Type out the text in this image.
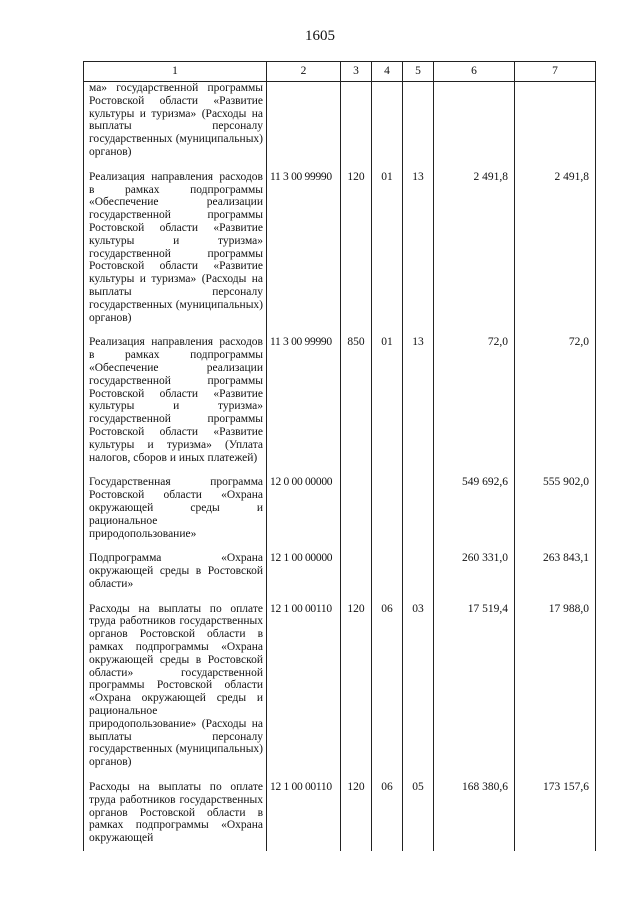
1605
1	2	3	4	5	6	7
ма» государственной программы Ростовской области «Развитие культуры и туризма» (Расходы на выплаты персоналу государственных (муниципальных) органов)						
Реализация направления расходов в рамках подпрограммы «Обеспечение реализации государственной программы Ростовской области «Развитие культуры и туризма» государственной программы Ростовской области «Развитие культуры и туризма» (Расходы на выплаты персоналу государственных (муниципальных) органов)	11 3 00 99990	120	01	13	2 491,8	2 491,8
Реализация направления расходов в рамках подпрограммы «Обеспечение реализации государственной программы Ростовской области «Развитие культуры и туризма» государственной программы Ростовской области «Развитие культуры и туризма» (Уплата налогов, сборов и иных платежей)	11 3 00 99990	850	01	13	72,0	72,0
Государственная программа Ростовской области «Охрана окружающей среды и рациональное природопользование»	12 0 00 00000				549 692,6	555 902,0
Подпрограмма «Охрана окружающей среды в Ростовской области»	12 1 00 00000				260 331,0	263 843,1
Расходы на выплаты по оплате труда работников государственных органов Ростовской области в рамках подпрограммы «Охрана окружающей среды в Ростовской области» государственной программы Ростовской области «Охрана окружающей среды и рациональное природопользование» (Расходы на выплаты персоналу государственных (муниципальных) органов)	12 1 00 00110	120	06	03	17 519,4	17 988,0
Расходы на выплаты по оплате труда работников государственных органов Ростовской области в рамках подпрограммы «Охрана окружающей	12 1 00 00110	120	06	05	168 380,6	173 157,6
